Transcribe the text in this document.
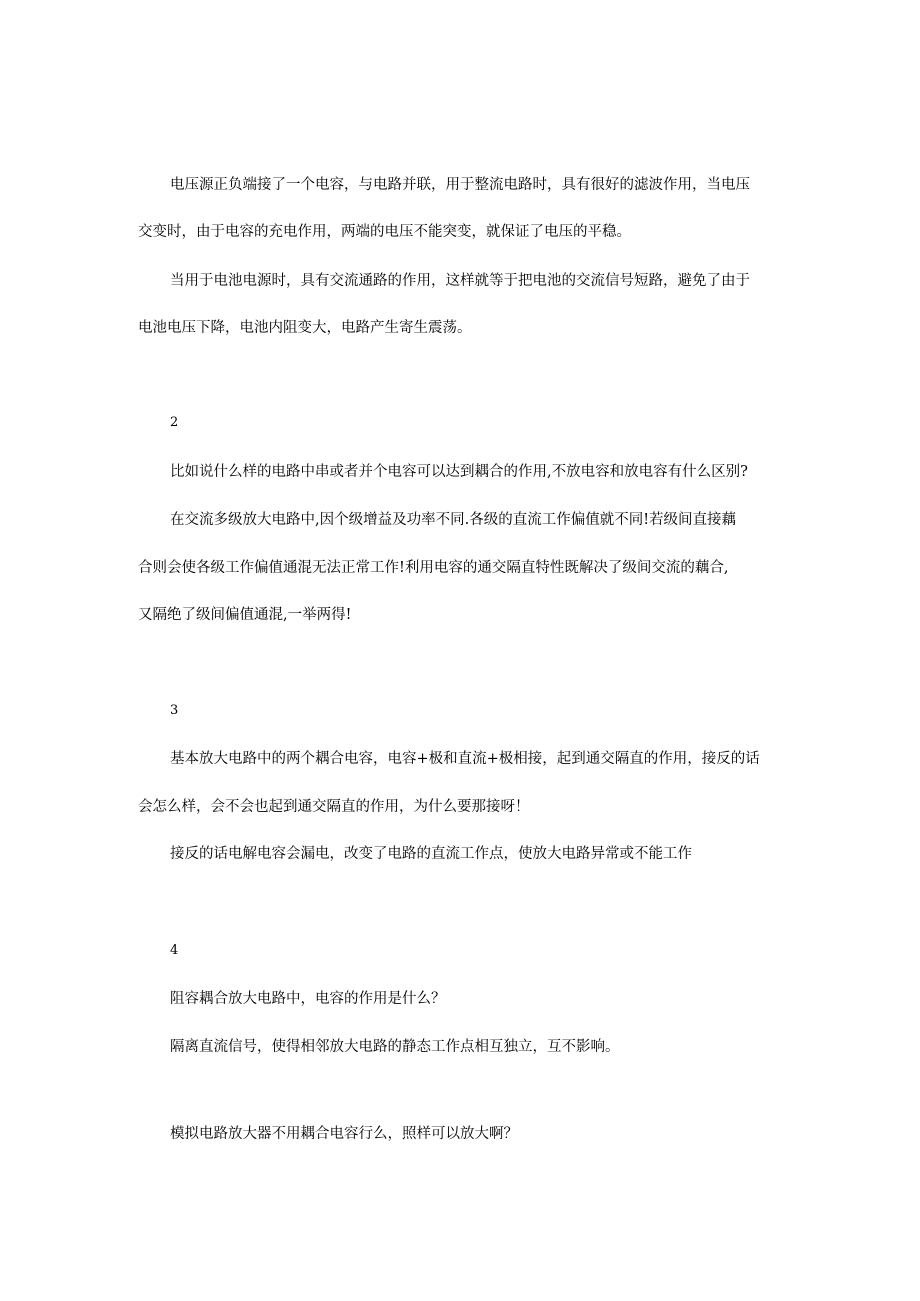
电压源正负端接了一个电容，与电路并联，用于整流电路时，具有很好的滤波作用，当电压
交变时，由于电容的充电作用，两端的电压不能突变，就保证了电压的平稳。
当用于电池电源时，具有交流通路的作用，这样就等于把电池的交流信号短路，避免了由于
电池电压下降，电池内阻变大，电路产生寄生震荡。
2
比如说什么样的电路中串或者并个电容可以达到耦合的作用,不放电容和放电容有什么区别?
在交流多级放大电路中,因个级增益及功率不同.各级的直流工作偏值就不同!若级间直接藕
合则会使各级工作偏值通混无法正常工作!利用电容的通交隔直特性既解决了级间交流的藕合,
又隔绝了级间偏值通混,一举两得!
3
基本放大电路中的两个耦合电容，电容+极和直流+极相接，起到通交隔直的作用，接反的话
会怎么样，会不会也起到通交隔直的作用，为什么要那接呀！
接反的话电解电容会漏电，改变了电路的直流工作点，使放大电路异常或不能工作
4
阻容耦合放大电路中，电容的作用是什么？
隔离直流信号，使得相邻放大电路的静态工作点相互独立，互不影响。
模拟电路放大器不用耦合电容行么，照样可以放大啊？
